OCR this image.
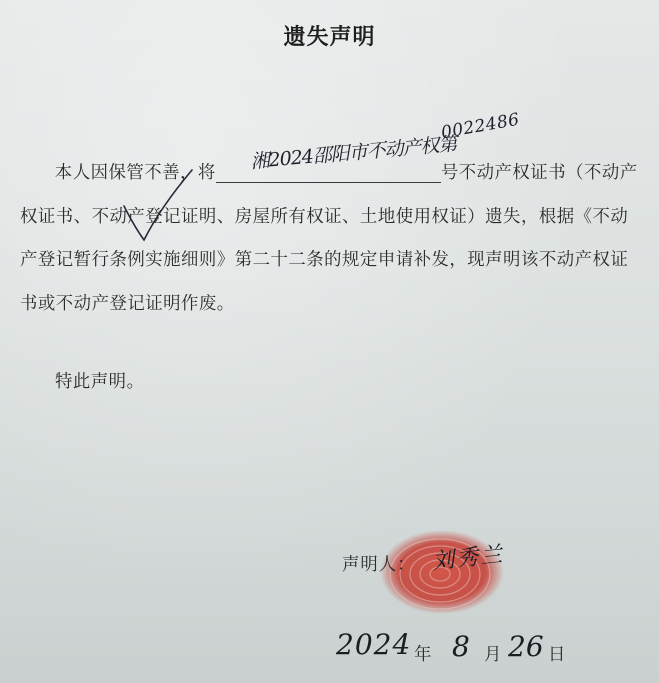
遗失声明

本人因保管不善，将	湘2024邵阳市不动产权第
0022486
号不动产权证书（不动产权证书、不动产登记证明、房屋所有权证、土地使用权证）遗失，根据《不动产登记暂行条例实施细则》第二十二条的规定申请补发，现声明该不动产权证书或不动产登记证明作废。

特此声明。
声明人： 刘秀兰
2024 年 8 月 26 日
